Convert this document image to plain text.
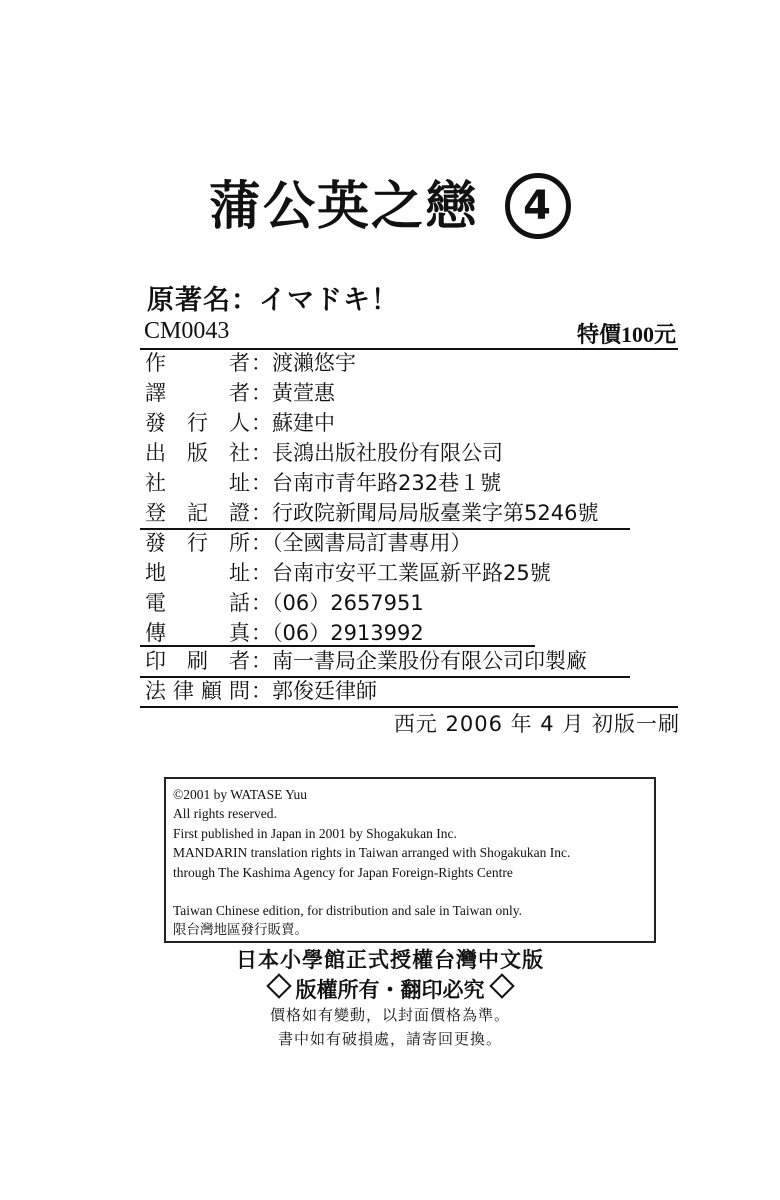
蒲公英之戀 4
原著名：イマドキ！
CM0043	特價100元
作	者 ：渡瀨悠宇
譯	者 ：黃萱惠
發 行 人 ：蘇建中
出 版 社 ：長鴻出版社股份有限公司
社	址 ：台南市青年路232巷１號
登 記 證 ：行政院新聞局局版臺業字第5246號
發 行 所 ：（全國書局訂書專用）
地	址 ：台南市安平工業區新平路25號
電	話 ：（06）2657951
傳	真 ：（06）2913992
印 刷 者 ：南一書局企業股份有限公司印製廠
法 律 顧 問 ：郭俊廷律師
西元 2006 年 4 月 初版一刷
©2001 by WATASE Yuu
All rights reserved.
First published in Japan in 2001 by Shogakukan Inc.
MANDARIN translation rights in Taiwan arranged with Shogakukan Inc.
through The Kashima Agency for Japan Foreign-Rights Centre
Taiwan Chinese edition, for distribution and sale in Taiwan only.
限台灣地區發行販賣。
日本小學館正式授權台灣中文版
版權所有・翻印必究
價格如有變動，以封面價格為準。
書中如有破損處，請寄回更換。
